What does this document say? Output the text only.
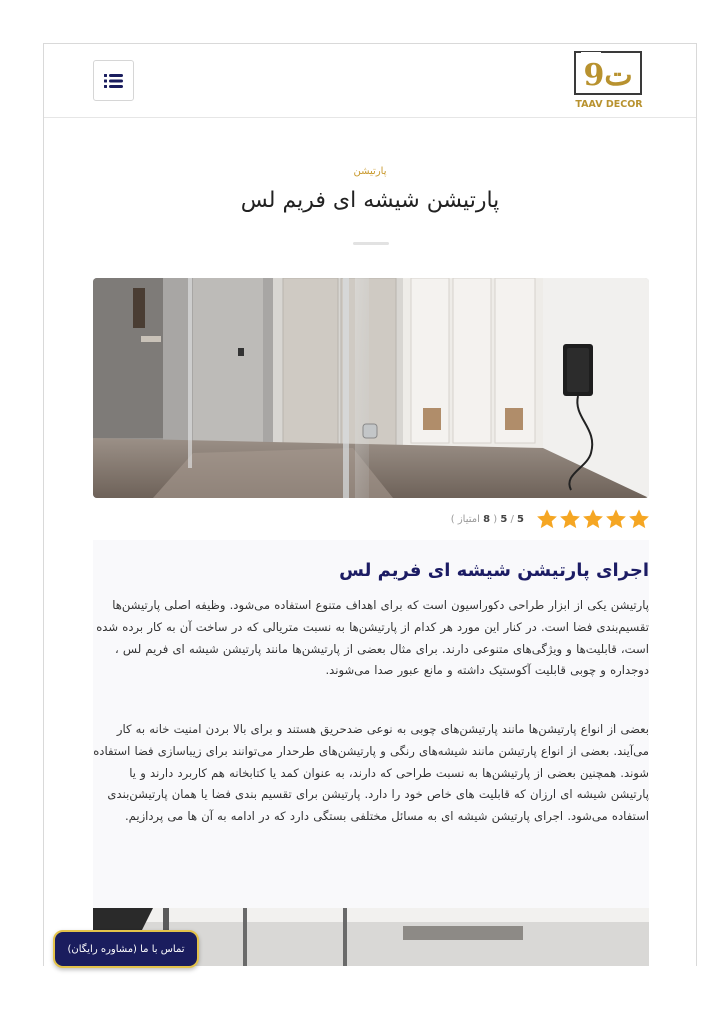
ت9
TAAV DECOR
پارتیشن
پارتیشن شیشه ای فریم لس
5 / 5 ( 8 امتیاز )
اجرای پارتیشن شیشه ای فریم لس

پارتیشن یکی از ابزار طراحی دکوراسیون است که برای اهداف متنوع استفاده می‌شود. وظیفه اصلی پارتیشن‌ها تقسیم‌بندی فضا است. در کنار این مورد هر کدام از پارتیشن‌ها به نسبت متریالی که در ساخت آن به کار برده شده است، قابلیت‌ها و ویژگی‌های متنوعی دارند. برای مثال بعضی از پارتیشن‌ها مانند پارتیشن شیشه ای فریم لس ، دوجداره و چوبی قابلیت آکوستیک داشته و مانع عبور صدا می‌شوند.

بعضی از انواع پارتیشن‌ها مانند پارتیشن‌های چوبی به نوعی ضدحریق هستند و برای بالا بردن امنیت خانه به کار می‌آیند. بعضی از انواع پارتیشن مانند شیشه‌های رنگی و پارتیشن‌های طرحدار می‌توانند برای زیباسازی فضا استفاده شوند. همچنین بعضی از پارتیشن‌ها به نسبت طراحی که دارند، به عنوان کمد یا کتابخانه هم کاربرد دارند و یا پارتیشن شیشه ای ارزان که قابلیت های خاص خود را دارد. پارتیشن برای تقسیم بندی فضا یا همان پارتیشن‌بندی استفاده می‌شود. اجرای پارتیشن شیشه ای به مسائل مختلفی بستگی دارد که در ادامه به آن ها می پردازیم.

تماس با ما (مشاوره رایگان)
